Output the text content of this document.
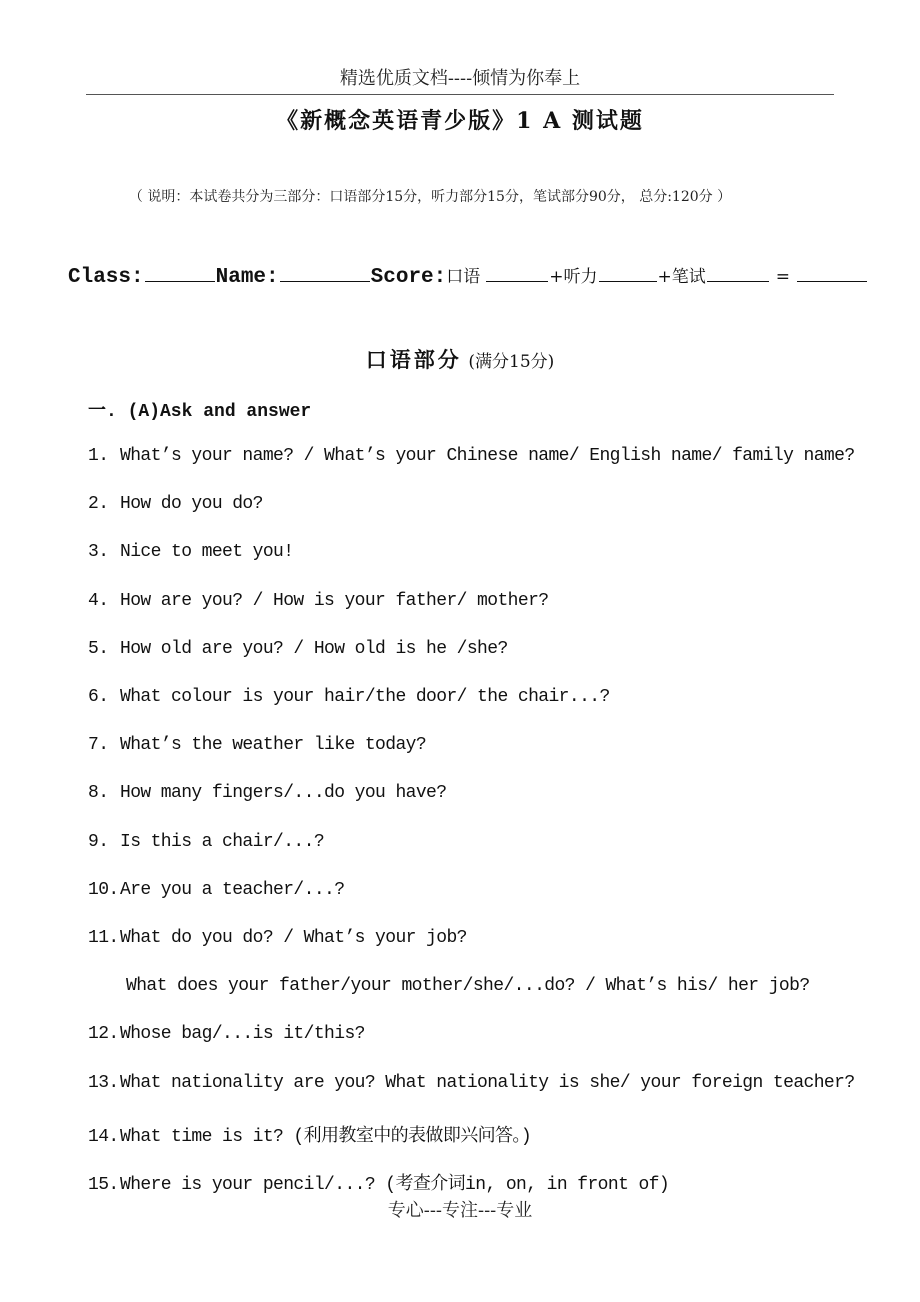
精选优质文档----倾情为你奉上
《新概念英语青少版》1 A 测试题
（ 说明：本试卷共分为三部分：口语部分15分，听力部分15分，笔试部分90分， 总分:120分 ）
Class:	Name:	Score: 口语	+听力	+笔试	=
口语部分 (满分15分)
一. (A)Ask and answer
1. What’s your name? / What’s your Chinese name/ English name/ family name?
2. How do you do?
3. Nice to meet you!
4. How are you? / How is your father/ mother?
5. How old are you? / How old is he /she?
6. What colour is your hair/the door/ the chair...?
7. What’s the weather like today?
8. How many fingers/...do you have?
9. Is this a chair/...?
10.Are you a teacher/...?
11.What do you do? / What’s your job?
What does your father/your mother/she/...do? / What’s his/ her job?
12.Whose bag/...is it/this?
13.What nationality are you? What nationality is she/ your foreign teacher?
14.What time is it? (利用教室中的表做即兴问答。)
15.Where is your pencil/...? (考查介词in, on, in front of)
专心---专注---专业
